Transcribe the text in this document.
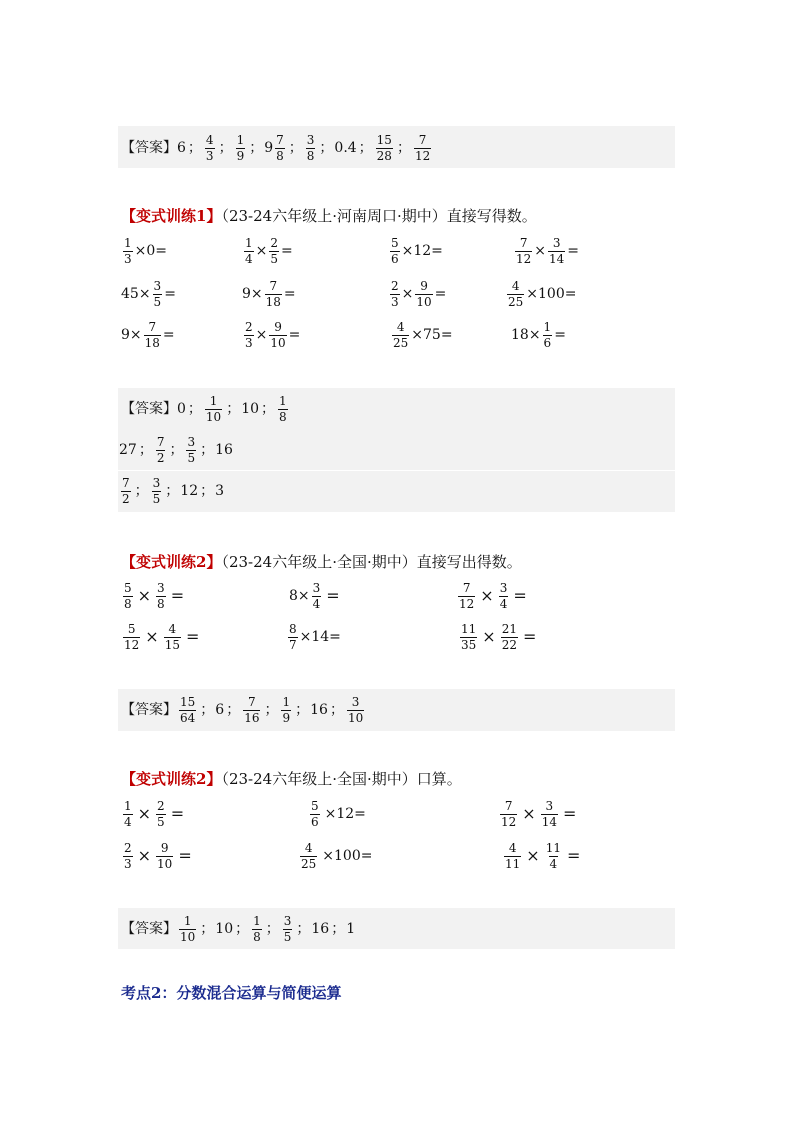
【答案】 6 ； $\frac{4}{3}$ ； $\frac{1}{9}$ ； $9 \frac{7}{8}$ ； $\frac{3}{8}$ ； 0.4 ； $\frac{15}{28}$ ； $\frac{7}{12}$
【变式训练1】（23-24六年级上·河南周口·期中）直接写得数。
$\frac{1}{3} \times 0=$	$\frac{1}{4} \times \frac{2}{5}$ =	$\frac{5}{6} \times 12=$	$\frac{7}{12} \times \frac{3}{14}$ =
$45\times \frac{3}{5}$ =	$9\times \frac{7}{18}$ =	$\frac{2}{3} \times \frac{9}{10}$ =	$\frac{4}{25} \times 100=$
$9\times \frac{7}{18}$ =	$\frac{2}{3} \times \frac{9}{10}$ =	$\frac{4}{25} \times 75=$	$18\times \frac{1}{6}$ =
【答案】 0 ； $\frac{1}{10}$ ； 10 ； $\frac{1}{8}$
27 ； $\frac{7}{2}$ ； $\frac{3}{5}$ ； 16
$\frac{7}{2}$ ； $\frac{3}{5}$ ； 12 ； 3
【变式训练2】（23-24六年级上·全国·期中）直接写出得数。
$\frac{5}{8} \times \frac{3}{8}$ =	$8\times \frac{3}{4}$ =	$\frac{7}{12} \times \frac{3}{4}$ =
$\frac{5}{12} \times \frac{4}{15}$ =	$\frac{8}{7} \times 14=$	$\frac{11}{35} \times \frac{21}{22}$ =
【答案】 $\frac{15}{64}$ ； 6 ； $\frac{7}{16}$ ； $\frac{1}{9}$ ； 16 ； $\frac{3}{10}$
【变式训练2】（23-24六年级上·全国·期中）口算。
$\frac{1}{4} \times \frac{2}{5}$ =	$\frac{5}{6} \times 12=$	$\frac{7}{12} \times \frac{3}{14}$ =
$\frac{2}{3} \times \frac{9}{10}$ =	$\frac{4}{25} \times 100=$	$\frac{4}{11} \times \frac{11}{4}$ =
【答案】 $\frac{1}{10}$ ； 10 ； $\frac{1}{8}$ ； $\frac{3}{5}$ ； 16 ； 1
考点2：分数混合运算与简便运算
